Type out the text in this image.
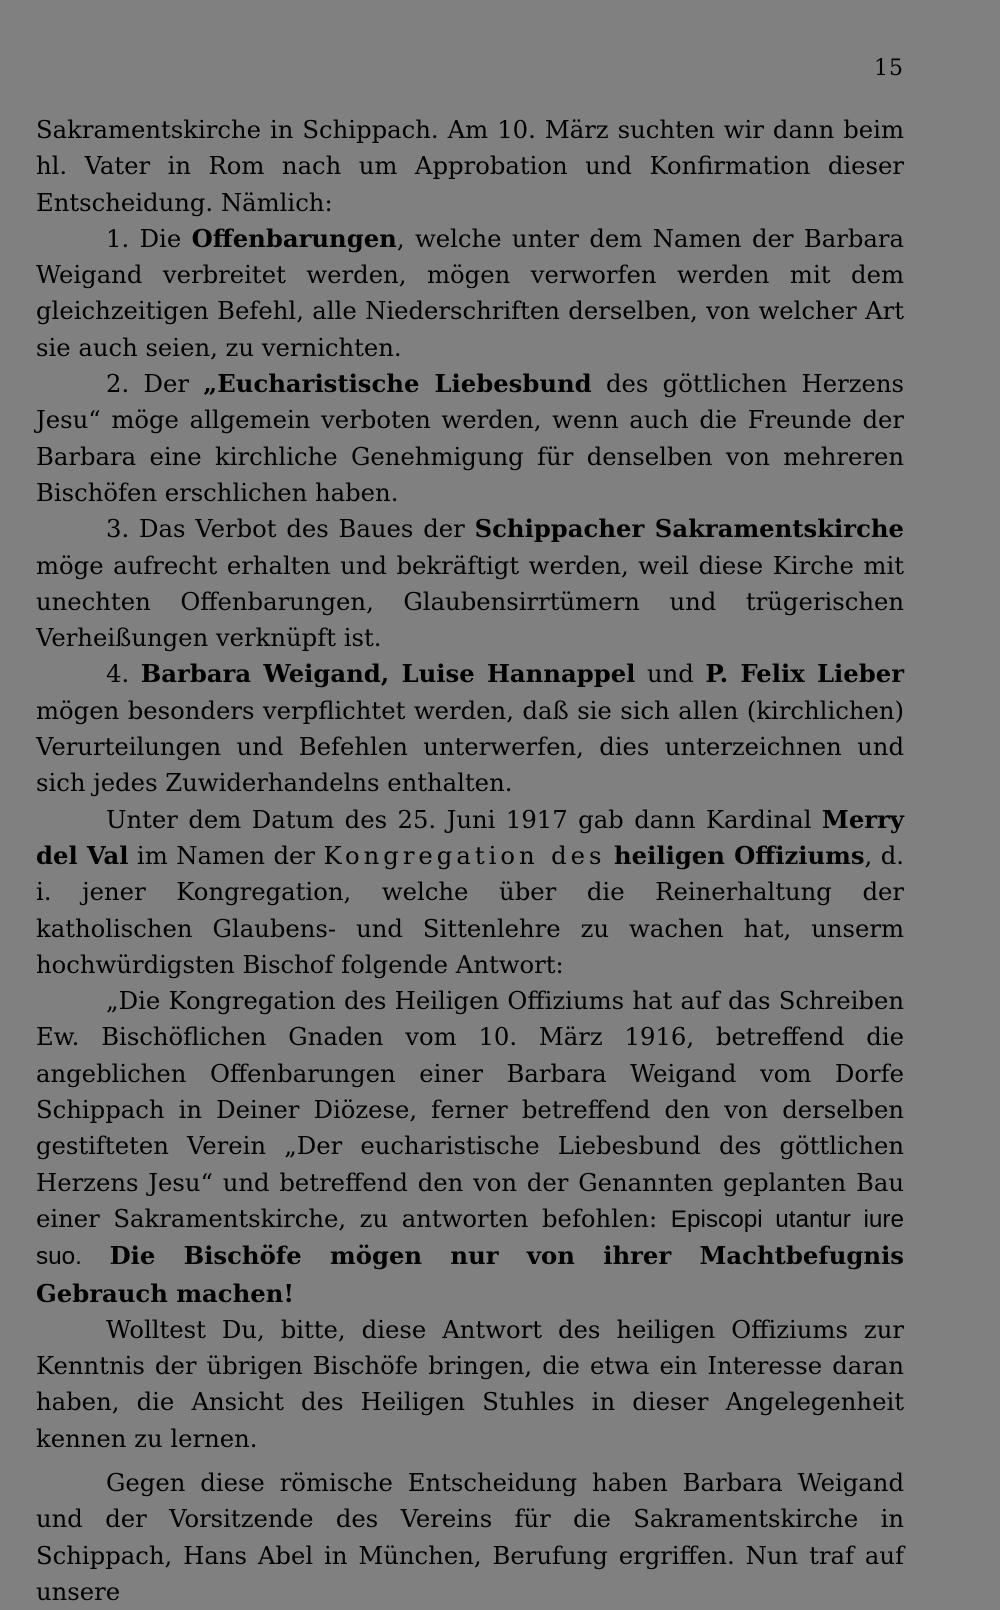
15

Sakramentskirche in Schippach. Am 10. März suchten wir dann beim hl. Vater in Rom nach um Approbation und Konfirmation dieser Entscheidung. Nämlich:

1. Die Offenbarungen, welche unter dem Namen der Barbara Weigand verbreitet werden, mögen verworfen werden mit dem gleichzeitigen Befehl, alle Niederschriften derselben, von welcher Art sie auch seien, zu vernichten.

2. Der „Eucharistische Liebesbund des göttlichen Herzens Jesu“ möge allgemein verboten werden, wenn auch die Freunde der Barbara eine kirchliche Genehmigung für denselben von mehreren Bischöfen erschlichen haben.

3. Das Verbot des Baues der Schippacher Sakramentskirche möge aufrecht erhalten und bekräftigt werden, weil diese Kirche mit unechten Offenbarungen, Glaubensirrtümern und trügerischen Verheißungen verknüpft ist.

4. Barbara Weigand, Luise Hannappel und P. Felix Lieber mögen besonders verpflichtet werden, daß sie sich allen (kirchlichen) Verurteilungen und Befehlen unterwerfen, dies unterzeichnen und sich jedes Zuwiderhandelns enthalten.

Unter dem Datum des 25. Juni 1917 gab dann Kardinal Merry del Val im Namen der Kongregation des heiligen Offiziums, d. i. jener Kongregation, welche über die Reinerhaltung der katholischen Glaubens- und Sittenlehre zu wachen hat, unserm hochwürdigsten Bischof folgende Antwort:

„Die Kongregation des Heiligen Offiziums hat auf das Schreiben Ew. Bischöflichen Gnaden vom 10. März 1916, betreffend die angeblichen Offenbarungen einer Barbara Weigand vom Dorfe Schippach in Deiner Diözese, ferner betreffend den von derselben gestifteten Verein „Der eucharistische Liebesbund des göttlichen Herzens Jesu“ und betreffend den von der Genannten geplanten Bau einer Sakramentskirche, zu antworten befohlen: Episcopi utantur iure suo. Die Bischöfe mögen nur von ihrer Machtbefugnis Gebrauch machen!

Wolltest Du, bitte, diese Antwort des heiligen Offiziums zur Kenntnis der übrigen Bischöfe bringen, die etwa ein Interesse daran haben, die Ansicht des Heiligen Stuhles in dieser Angelegenheit kennen zu lernen.

Gegen diese römische Entscheidung haben Barbara Weigand und der Vorsitzende des Vereins für die Sakramentskirche in Schippach, Hans Abel in München, Berufung ergriffen. Nun traf auf unsere
